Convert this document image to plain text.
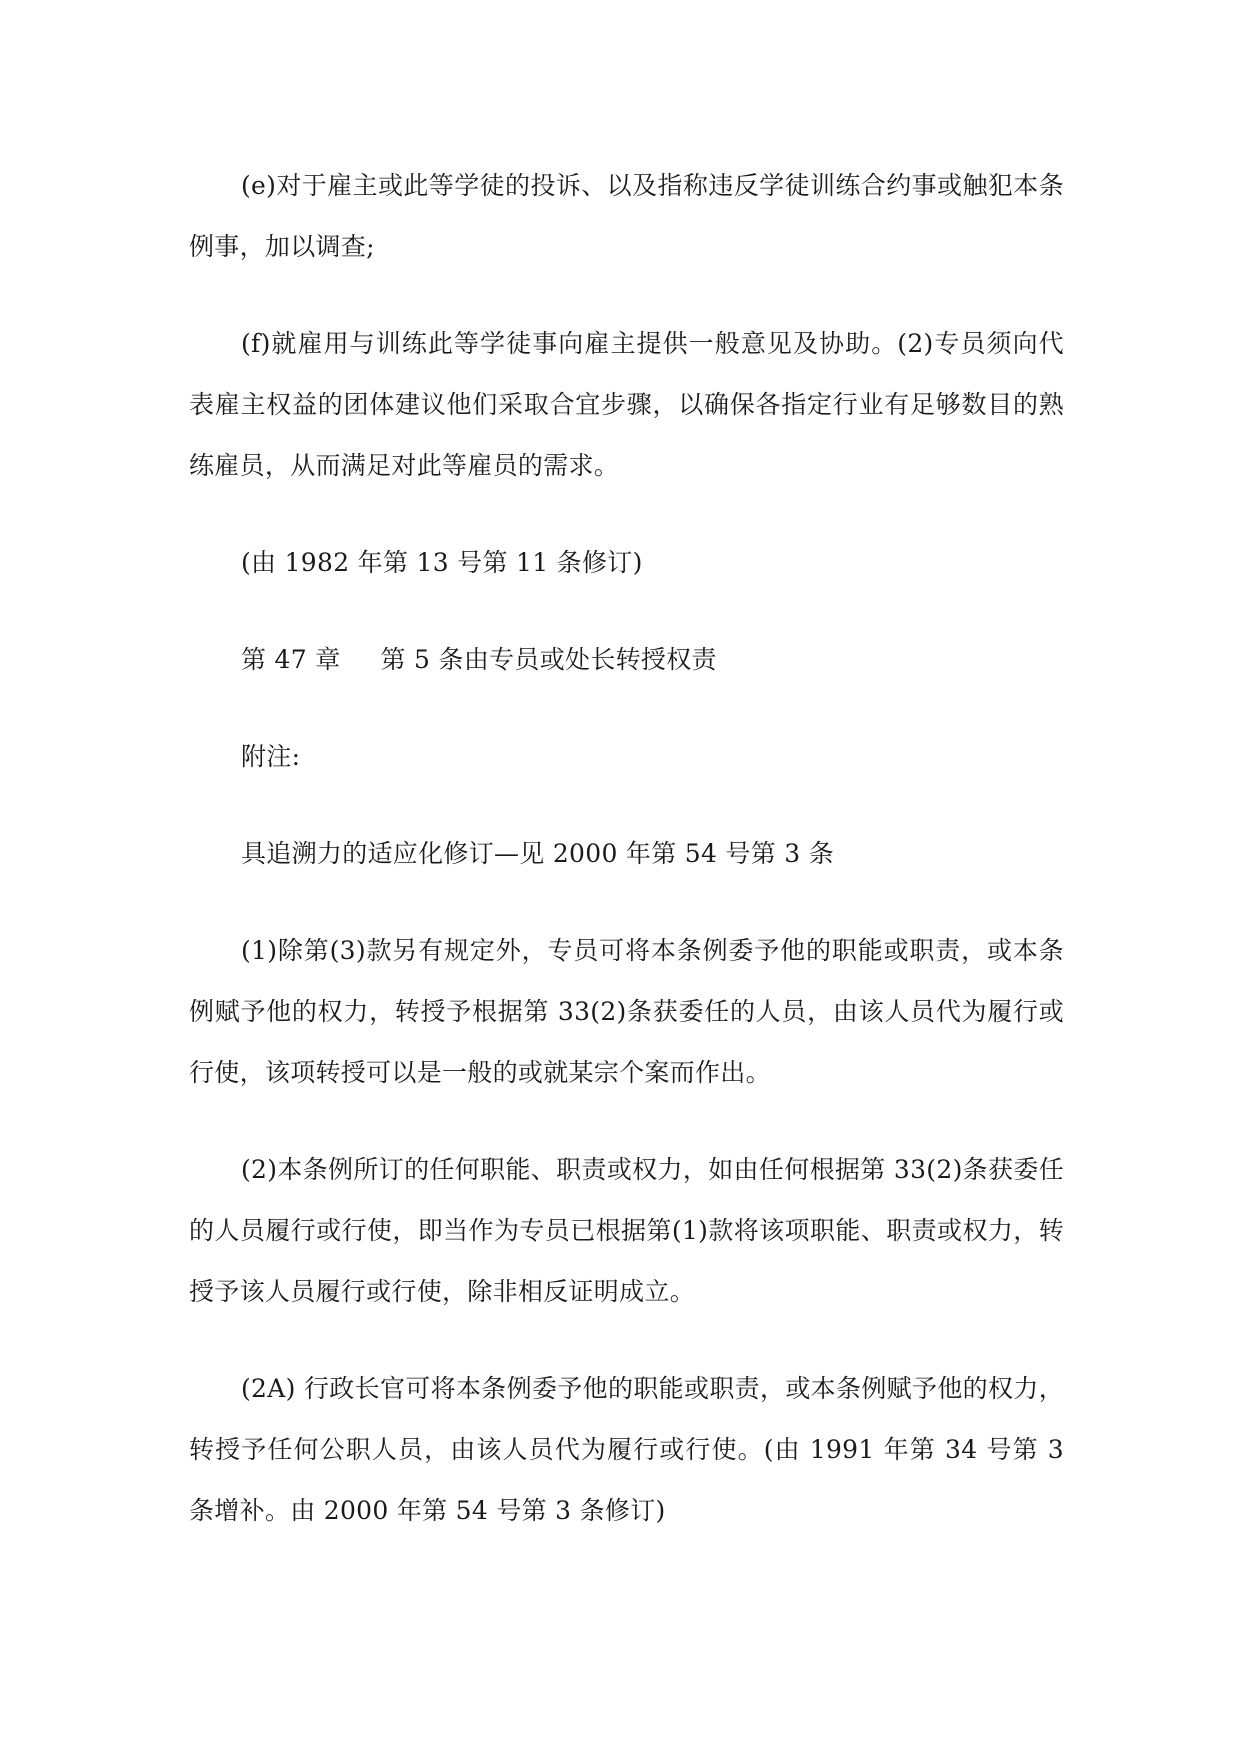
(e)对于雇主或此等学徒的投诉、以及指称违反学徒训练合约事或触犯本条例事，加以调查;

(f)就雇用与训练此等学徒事向雇主提供一般意见及协助。(2)专员须向代表雇主权益的团体建议他们采取合宜步骤，以确保各指定行业有足够数目的熟练雇员，从而满足对此等雇员的需求。

(由 1982 年第 13 号第 11 条修订)

第 47 章 第 5 条由专员或处长转授权责

附注:

具追溯力的适应化修订—见 2000 年第 54 号第 3 条

(1)除第(3)款另有规定外，专员可将本条例委予他的职能或职责，或本条例赋予他的权力，转授予根据第 33(2)条获委任的人员，由该人员代为履行或行使，该项转授可以是一般的或就某宗个案而作出。

(2)本条例所订的任何职能、职责或权力，如由任何根据第 33(2)条获委任的人员履行或行使，即当作为专员已根据第(1)款将该项职能、职责或权力，转授予该人员履行或行使，除非相反证明成立。

(2A) 行政长官可将本条例委予他的职能或职责，或本条例赋予他的权力，转授予任何公职人员，由该人员代为履行或行使。(由 1991 年第 34 号第 3 条增补。由 2000 年第 54 号第 3 条修订)
